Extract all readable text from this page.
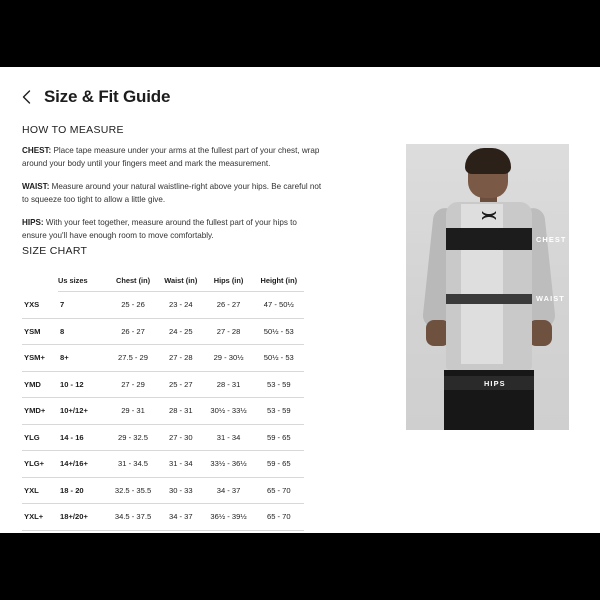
Size & Fit Guide
HOW TO MEASURE

CHEST: Place tape measure under your arms at the fullest part of your chest, wrap around your body until your fingers meet and mark the measurement.

WAIST: Measure around your natural waistline-right above your hips. Be careful not to squeeze too tight to allow a little give.

HIPS: With your feet together, measure around the fullest part of your hips to ensure you'll have enough room to move comfortably.

SIZE CHART
	Us sizes	Chest (in)	Waist (in)	Hips (in)	Height (in)
YXS	7	25 - 26	23 - 24	26 - 27	47 - 50½
YSM	8	26 - 27	24 - 25	27 - 28	50½ - 53
YSM+	8+	27.5 - 29	27 - 28	29 - 30½	50½ - 53
YMD	10 - 12	27 - 29	25 - 27	28 - 31	53 - 59
YMD+	10+/12+	29 - 31	28 - 31	30½ - 33½	53 - 59
YLG	14 - 16	29 - 32.5	27 - 30	31 - 34	59 - 65
YLG+	14+/16+	31 - 34.5	31 - 34	33½ - 36½	59 - 65
YXL	18 - 20	32.5 - 35.5	30 - 33	34 - 37	65 - 70
YXL+	18+/20+	34.5 - 37.5	34 - 37	36½ - 39½	65 - 70
CHEST
WAIST
HIPS
